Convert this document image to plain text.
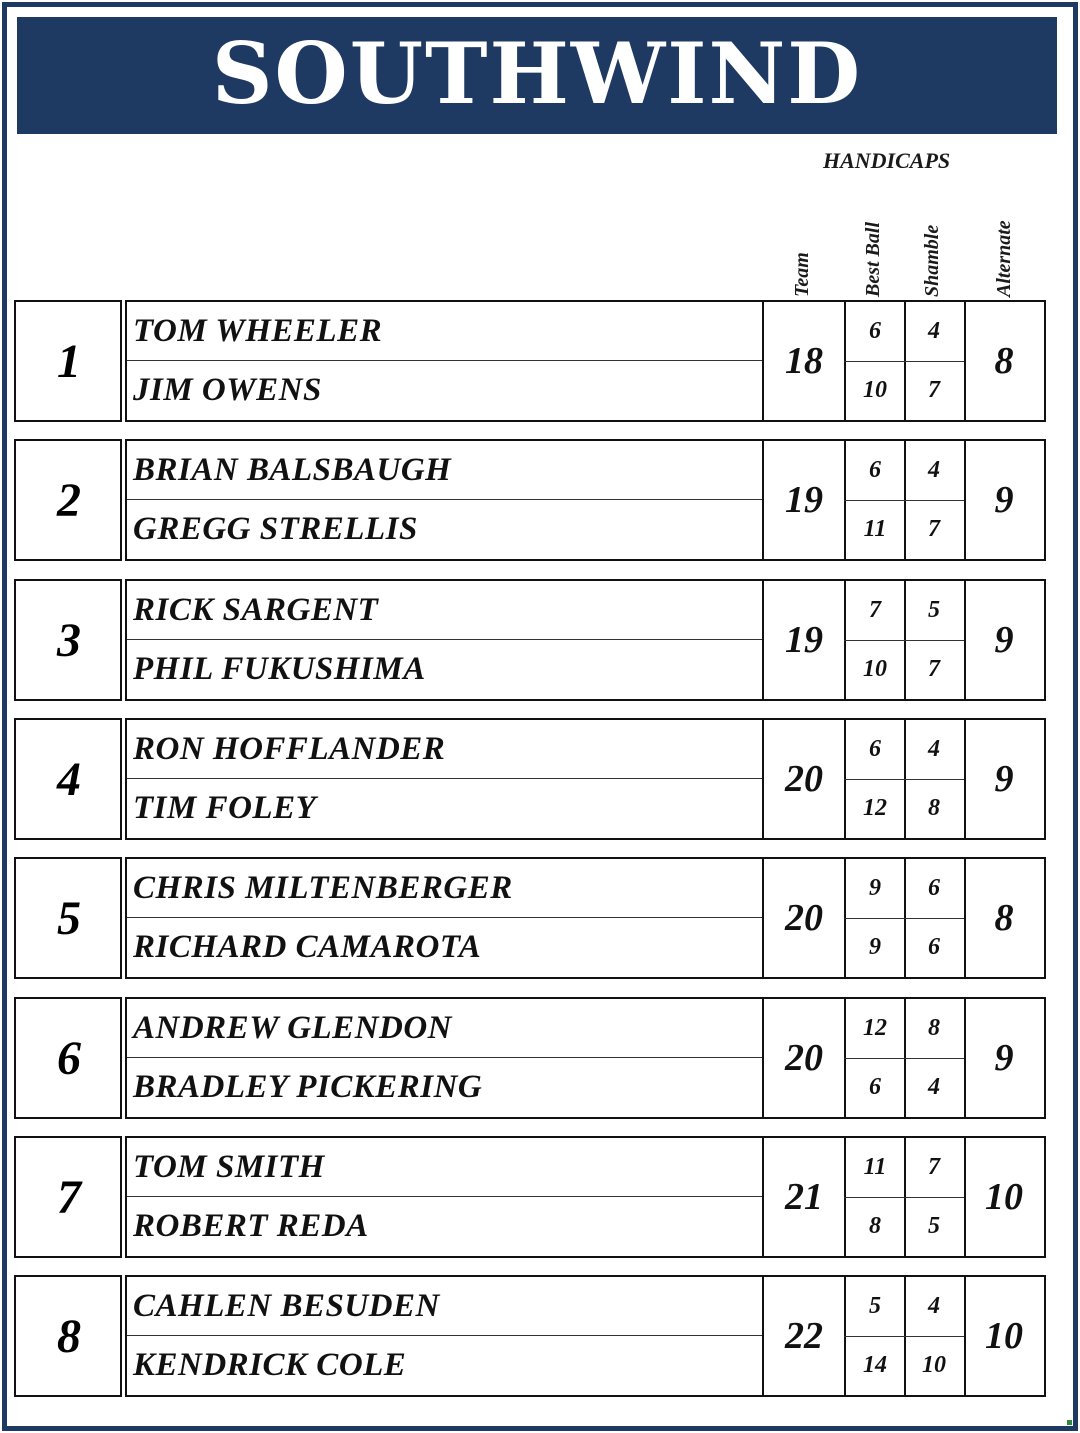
SOUTHWIND
HANDICAPS
Team Best Ball Shamble	Alternate
1
TOM WHEELER
JIM OWENS
18
6
10
4
7
8
2
BRIAN BALSBAUGH
GREGG STRELLIS
19
6
11
4
7
9
3
RICK SARGENT
PHIL FUKUSHIMA
19
7
10
5
7
9
4
RON HOFFLANDER
TIM FOLEY
20
6
12
4
8
9
5
CHRIS MILTENBERGER
RICHARD CAMAROTA
20
9
9
6
6
8
6
ANDREW GLENDON
BRADLEY PICKERING
20
12
6
8
4
9
7
TOM SMITH
ROBERT REDA
21
11
8
7
5
10
8
CAHLEN BESUDEN
KENDRICK COLE
22
5
14
4
10
10
